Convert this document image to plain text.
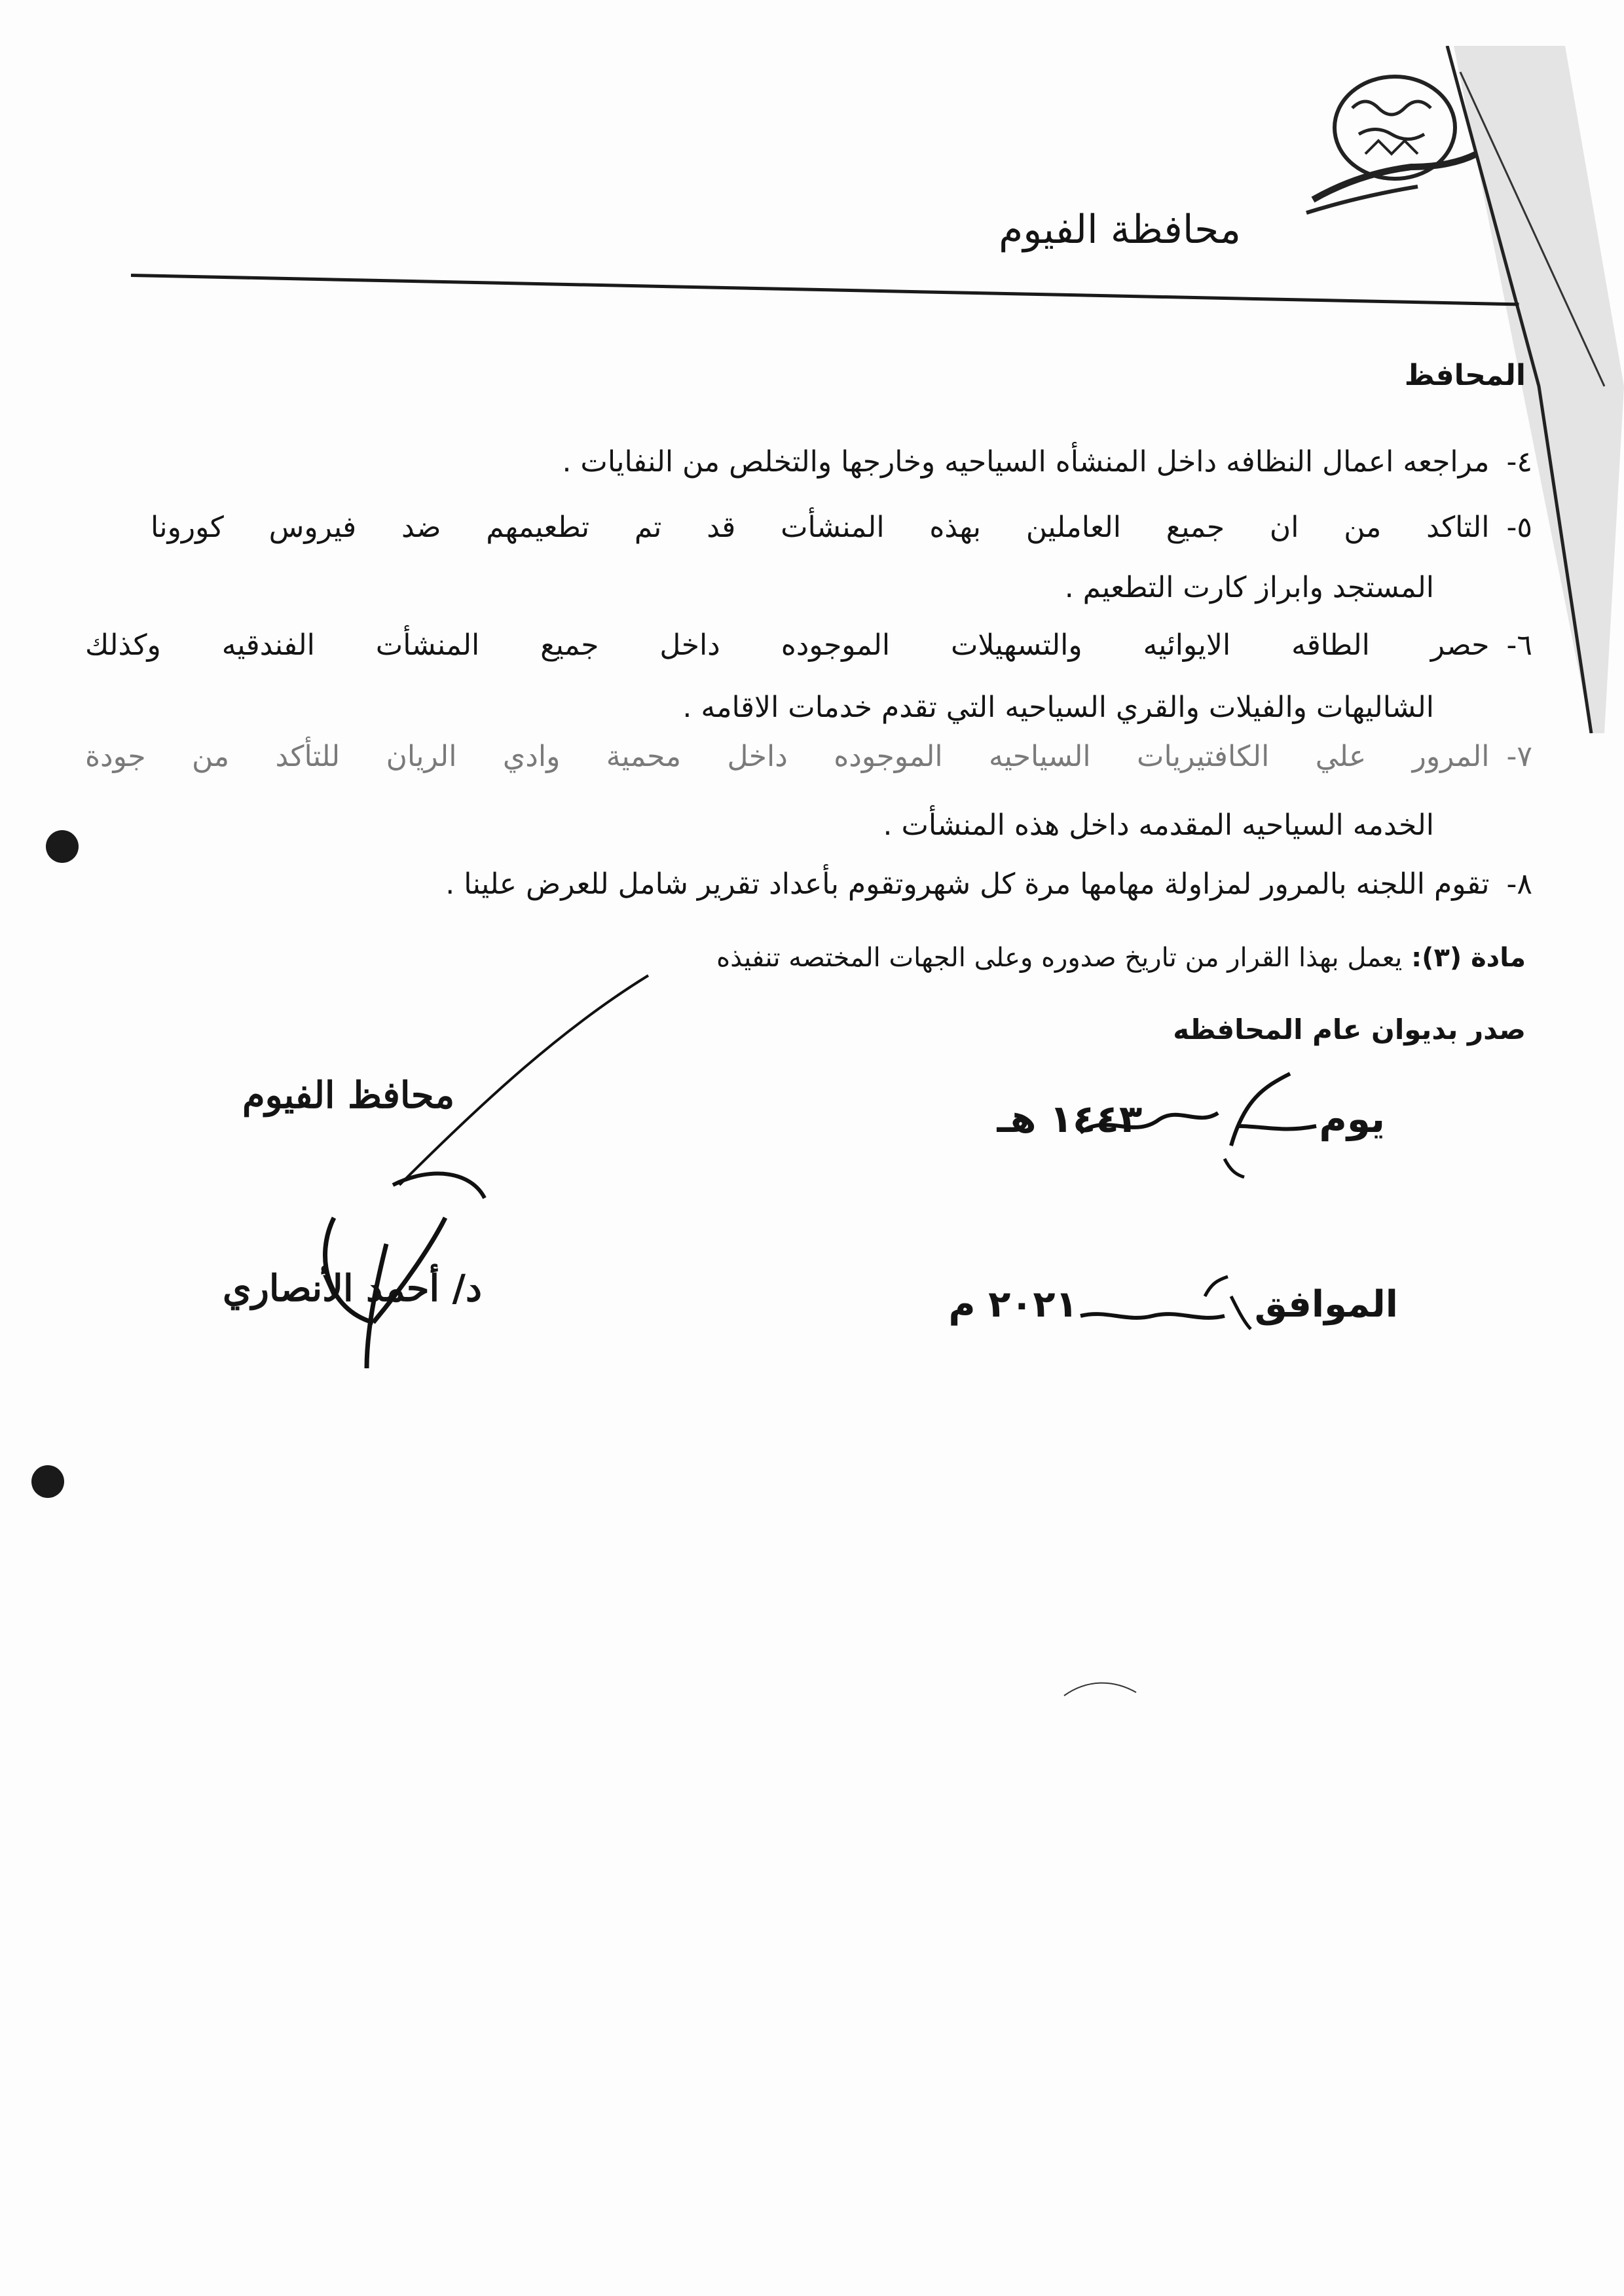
محافظة الفيوم
المحافظ
٤-مراجعه اعمال النظافه داخل المنشأه السياحيه وخارجها والتخلص من النفايات .
٥-التاكد من ان جميع العاملين بهذه المنشأت قد تم تطعيمهم ضد فيروس كورونا
المستجد وابراز كارت التطعيم .
٦-حصر الطاقه الايوائيه والتسهيلات الموجوده داخل جميع المنشأت الفندقيه وكذلك
الشاليهات والفيلات والقري السياحيه التي تقدم خدمات الاقامه .
٧-المرور علي الكافتيريات السياحيه الموجوده داخل محمية وادي الريان للتأكد من جودة
الخدمه السياحيه المقدمه داخل هذه المنشأت .
٨-تقوم اللجنه بالمرور لمزاولة مهامها مرة كل شهروتقوم بأعداد تقرير شامل للعرض علينا .
مادة (٣): يعمل بهذا القرار من تاريخ صدوره وعلى الجهات المختصه تنفيذه
صدر بديوان عام المحافظه
محافظ الفيوم
د/ أحمد الأنصاري
يوم١٤٤٣ هـ
الموافق٢٠٢١ م
